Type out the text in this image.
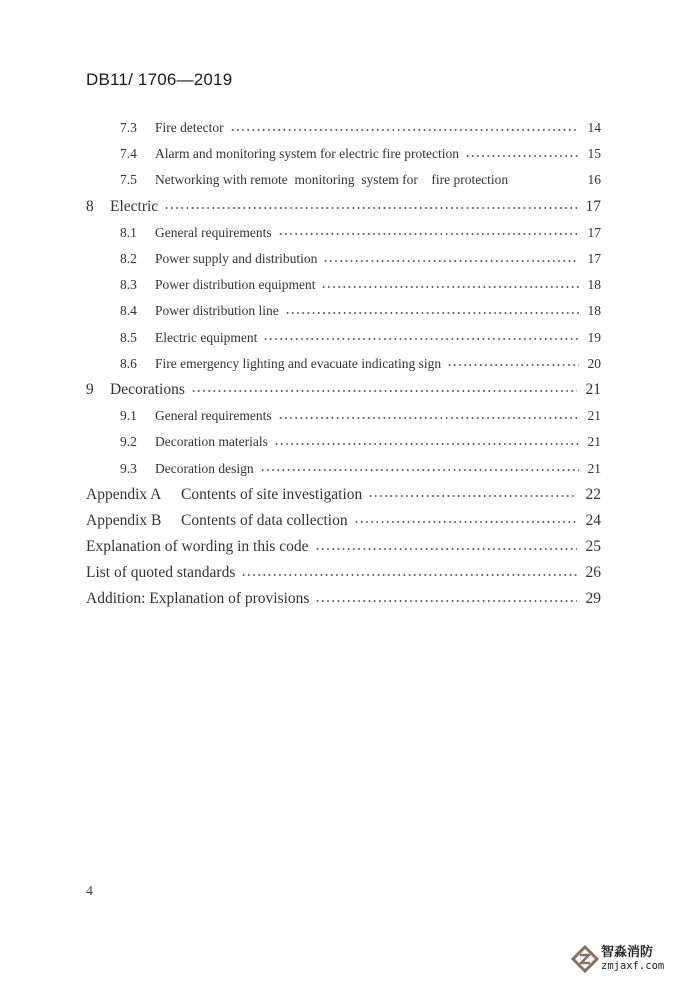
DB11/ 1706—2019
7.3	Fire detector	14
7.4	Alarm and monitoring system for electric fire protection	15
7.5	Networking with remote  monitoring  system for    fire protection	16
8	Electric	17
8.1	General requirements	17
8.2	Power supply and distribution	17
8.3	Power distribution equipment	18
8.4	Power distribution line	18
8.5	Electric equipment	19
8.6	Fire emergency lighting and evacuate indicating sign	20
9	Decorations	21
9.1	General requirements	21
9.2	Decoration materials	21
9.3	Decoration design	21
Appendix A	Contents of site investigation	22
Appendix B	Contents of data collection	24
Explanation of wording in this code	25
List of quoted standards	26
Addition: Explanation of provisions	29
4
智淼消防
zmjaxf.com
